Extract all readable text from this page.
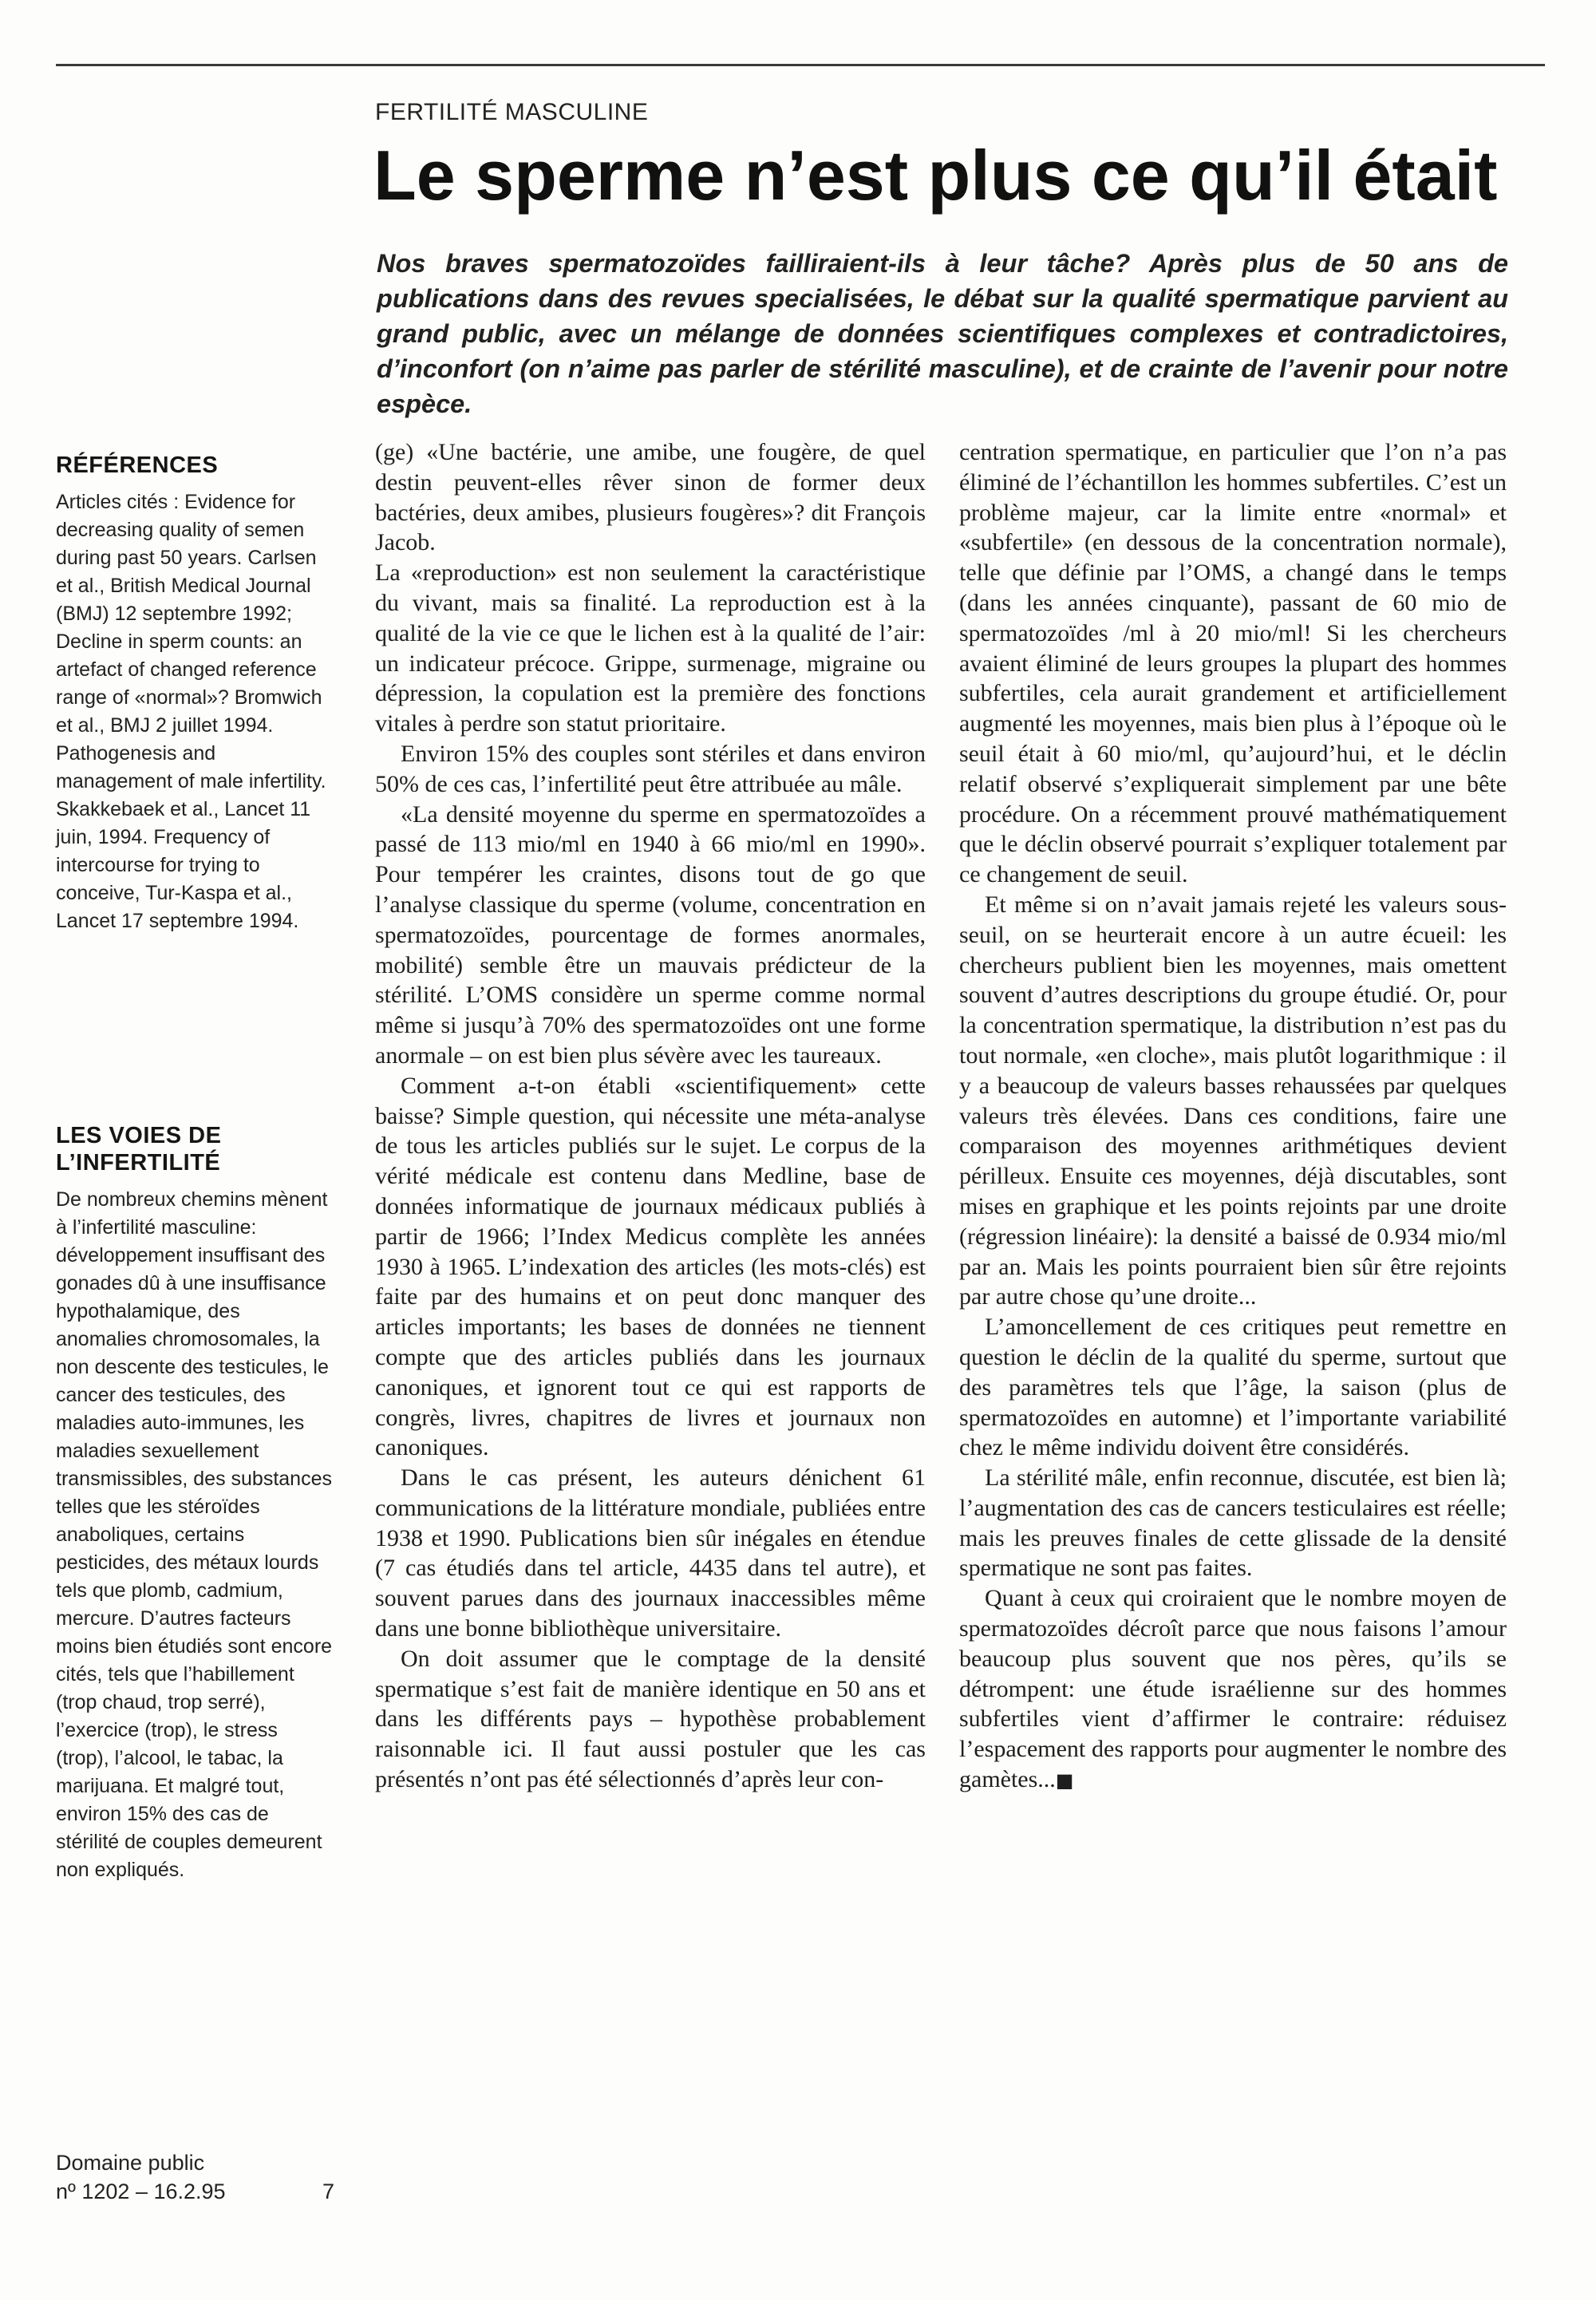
FERTILITÉ MASCULINE
Le sperme n’est plus ce qu’il était
Nos braves spermatozoïdes failliraient-ils à leur tâche? Après plus de 50 ans de publications dans des revues specialisées, le débat sur la qualité spermatique parvient au grand public, avec un mélange de données scientifiques complexes et contradictoires, d’inconfort (on n’aime pas parler de stérilité masculine), et de crainte de l’avenir pour notre espèce.
RÉFÉRENCES

Articles cités : Evidence for decreasing quality of semen during past 50 years. Carlsen et al., British Medical Journal (BMJ) 12 septembre 1992; Decline in sperm counts: an artefact of changed reference range of «normal»? Bromwich et al., BMJ 2 juillet 1994. Pathogenesis and management of male infertility. Skakkebaek et al., Lancet 11 juin, 1994. Frequency of intercourse for trying to conceive, Tur-Kaspa et al., Lancet 17 septembre 1994.

LES VOIES DE L’INFERTILITÉ

De nombreux chemins mènent à l’infertilité masculine: développement insuffisant des gonades dû à une insuffisance hypothalamique, des anomalies chromosomales, la non descente des testicules, le cancer des testicules, des maladies auto-immunes, les maladies sexuellement transmissibles, des substances telles que les stéroïdes anaboliques, certains pesticides, des métaux lourds tels que plomb, cadmium, mercure. D’autres facteurs moins bien étudiés sont encore cités, tels que l’habillement (trop chaud, trop serré), l’exercice (trop), le stress (trop), l’alcool, le tabac, la marijuana. Et malgré tout, environ 15% des cas de stérilité de couples demeurent non expliqués.

Domaine public
nº 1202 – 16.2.95	7

(ge) «Une bactérie, une amibe, une fougère, de quel destin peuvent-elles rêver sinon de former deux bactéries, deux amibes, plusieurs fougères»? dit François Jacob.

La «reproduction» est non seulement la caractéristique du vivant, mais sa finalité. La reproduction est à la qualité de la vie ce que le lichen est à la qualité de l’air: un indicateur précoce. Grippe, surmenage, migraine ou dépression, la copulation est la première des fonctions vitales à perdre son statut prioritaire.

Environ 15% des couples sont stériles et dans environ 50% de ces cas, l’infertilité peut être attribuée au mâle.

«La densité moyenne du sperme en spermatozoïdes a passé de 113 mio/ml en 1940 à 66 mio/ml en 1990». Pour tempérer les craintes, disons tout de go que l’analyse classique du sperme (volume, concentration en spermatozoïdes, pourcentage de formes anormales, mobilité) semble être un mauvais prédicteur de la stérilité. L’OMS considère un sperme comme normal même si jusqu’à 70% des spermatozoïdes ont une forme anormale – on est bien plus sévère avec les taureaux.

Comment a-t-on établi «scientifiquement» cette baisse? Simple question, qui nécessite une méta-analyse de tous les articles publiés sur le sujet. Le corpus de la vérité médicale est contenu dans Medline, base de données informatique de journaux médicaux publiés à partir de 1966; l’Index Medicus complète les années 1930 à 1965. L’indexation des articles (les mots-clés) est faite par des humains et on peut donc manquer des articles importants; les bases de données ne tiennent compte que des articles publiés dans les journaux canoniques, et ignorent tout ce qui est rapports de congrès, livres, chapitres de livres et journaux non canoniques.

Dans le cas présent, les auteurs dénichent 61 communications de la littérature mondiale, publiées entre 1938 et 1990. Publications bien sûr inégales en étendue (7 cas étudiés dans tel article, 4435 dans tel autre), et souvent parues dans des journaux inaccessibles même dans une bonne bibliothèque universitaire.

On doit assumer que le comptage de la densité spermatique s’est fait de manière identique en 50 ans et dans les différents pays – hypothèse probablement raisonnable ici. Il faut aussi postuler que les cas présentés n’ont pas été sélectionnés d’après leur con-

centration spermatique, en particulier que l’on n’a pas éliminé de l’échantillon les hommes subfertiles. C’est un problème majeur, car la limite entre «normal» et «subfertile» (en dessous de la concentration normale), telle que définie par l’OMS, a changé dans le temps (dans les années cinquante), passant de 60 mio de spermatozoïdes /ml à 20 mio/ml! Si les chercheurs avaient éliminé de leurs groupes la plupart des hommes subfertiles, cela aurait grandement et artificiellement augmenté les moyennes, mais bien plus à l’époque où le seuil était à 60 mio/ml, qu’aujourd’hui, et le déclin relatif observé s’expliquerait simplement par une bête procédure. On a récemment prouvé mathématiquement que le déclin observé pourrait s’expliquer totalement par ce changement de seuil.

Et même si on n’avait jamais rejeté les valeurs sous-seuil, on se heurterait encore à un autre écueil: les chercheurs publient bien les moyennes, mais omettent souvent d’autres descriptions du groupe étudié. Or, pour la concentration spermatique, la distribution n’est pas du tout normale, «en cloche», mais plutôt logarithmique : il y a beaucoup de valeurs basses rehaussées par quelques valeurs très élevées. Dans ces conditions, faire une comparaison des moyennes arithmétiques devient périlleux. Ensuite ces moyennes, déjà discutables, sont mises en graphique et les points rejoints par une droite (régression linéaire): la densité a baissé de 0.934 mio/ml par an. Mais les points pourraient bien sûr être rejoints par autre chose qu’une droite...

L’amoncellement de ces critiques peut remettre en question le déclin de la qualité du sperme, surtout que des paramètres tels que l’âge, la saison (plus de spermatozoïdes en automne) et l’importante variabilité chez le même individu doivent être considérés.

La stérilité mâle, enfin reconnue, discutée, est bien là; l’augmentation des cas de cancers testiculaires est réelle; mais les preuves finales de cette glissade de la densité spermatique ne sont pas faites.

Quant à ceux qui croiraient que le nombre moyen de spermatozoïdes décroît parce que nous faisons l’amour beaucoup plus souvent que nos pères, qu’ils se détrompent: une étude israélienne sur des hommes subfertiles vient d’affirmer le contraire: réduisez l’espacement des rapports pour augmenter le nombre des gamètes...■
